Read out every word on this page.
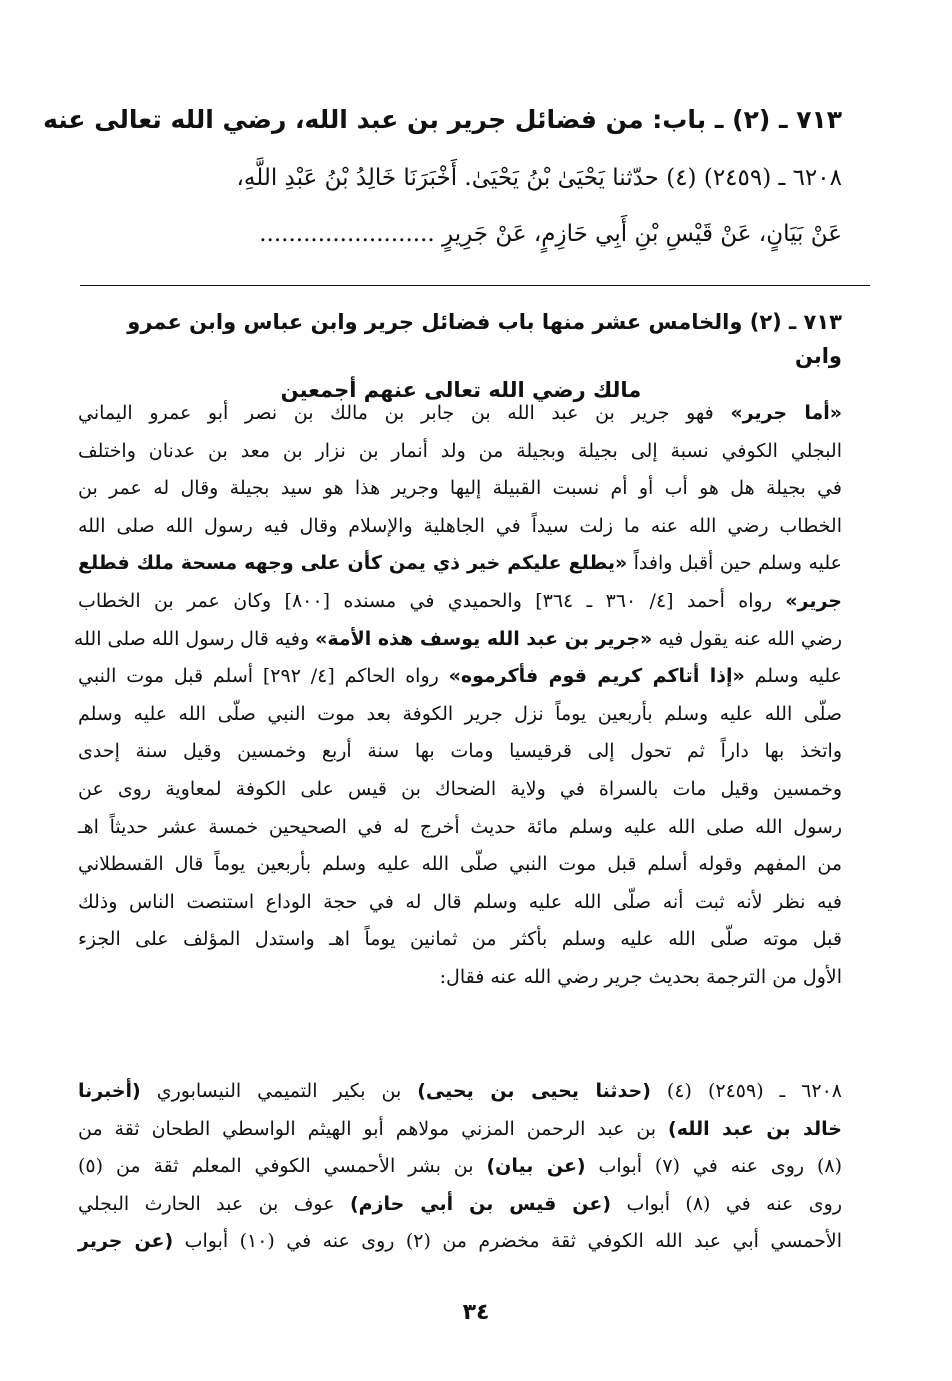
٧١٣ ـ (٢) ـ باب: من فضائل جرير بن عبد الله، رضي الله تعالى عنه
٦٢٠٨ ـ (٢٤٥٩) (٤) حدّثنا يَحْيَىٰ بْنُ يَحْيَىٰ. أَخْبَرَنَا خَالِدُ بْنُ عَبْدِ اللَّهِ،
عَنْ بَيَانٍ، عَنْ قَيْسِ بْنِ أَبِي حَازِمٍ، عَنْ جَرِيرٍ ........................
٧١٣ ـ (٢) والخامس عشر منها باب فضائل جرير وابن عباس وابن عمرو وابن
مالك رضي الله تعالى عنهم أجمعين
«أما جرير» فهو جرير بن عبد الله بن جابر بن مالك بن نصر أبو عمرو اليماني
البجلي الكوفي نسبة إلى بجيلة وبجيلة من ولد أنمار بن نزار بن معد بن عدنان واختلف
في بجيلة هل هو أب أو أم نسبت القبيلة إليها وجرير هذا هو سيد بجيلة وقال له عمر بن
الخطاب رضي الله عنه ما زلت سيداً في الجاهلية والإسلام وقال فيه رسول الله صلى الله
عليه وسلم حين أقبل وافداً «يطلع عليكم خير ذي يمن كأن على وجهه مسحة ملك فطلع
جرير» رواه أحمد [٤/ ٣٦٠ ـ ٣٦٤] والحميدي في مسنده [٨٠٠] وكان عمر بن الخطاب
رضي الله عنه يقول فيه «جرير بن عبد الله يوسف هذه الأمة» وفيه قال رسول الله صلى الله
عليه وسلم «إذا أتاكم كريم قوم فأكرموه» رواه الحاكم [٤/ ٢٩٢] أسلم قبل موت النبي
صلّى الله عليه وسلم بأربعين يوماً نزل جرير الكوفة بعد موت النبي صلّى الله عليه وسلم
واتخذ بها داراً ثم تحول إلى قرقيسيا ومات بها سنة أربع وخمسين وقيل سنة إحدى
وخمسين وقيل مات بالسراة في ولاية الضحاك بن قيس على الكوفة لمعاوية روى عن
رسول الله صلى الله عليه وسلم مائة حديث أخرج له في الصحيحين خمسة عشر حديثاً اهـ
من المفهم وقوله أسلم قبل موت النبي صلّى الله عليه وسلم بأربعين يوماً قال القسطلاني
فيه نظر لأنه ثبت أنه صلّى الله عليه وسلم قال له في حجة الوداع استنصت الناس وذلك
قبل موته صلّى الله عليه وسلم بأكثر من ثمانين يوماً اهـ واستدل المؤلف على الجزء
الأول من الترجمة بحديث جرير رضي الله عنه فقال:
٦٢٠٨ ـ (٢٤٥٩) (٤) (حدثنا يحيى بن يحيى) بن بكير التميمي النيسابوري (أخبرنا
خالد بن عبد الله) بن عبد الرحمن المزني مولاهم أبو الهيثم الواسطي الطحان ثقة من
(٨) روى عنه في (٧) أبواب (عن بيان) بن بشر الأحمسي الكوفي المعلم ثقة من (٥)
روى عنه في (٨) أبواب (عن قيس بن أبي حازم) عوف بن عبد الحارث البجلي
الأحمسي أبي عبد الله الكوفي ثقة مخضرم من (٢) روى عنه في (١٠) أبواب (عن جرير
٣٤
